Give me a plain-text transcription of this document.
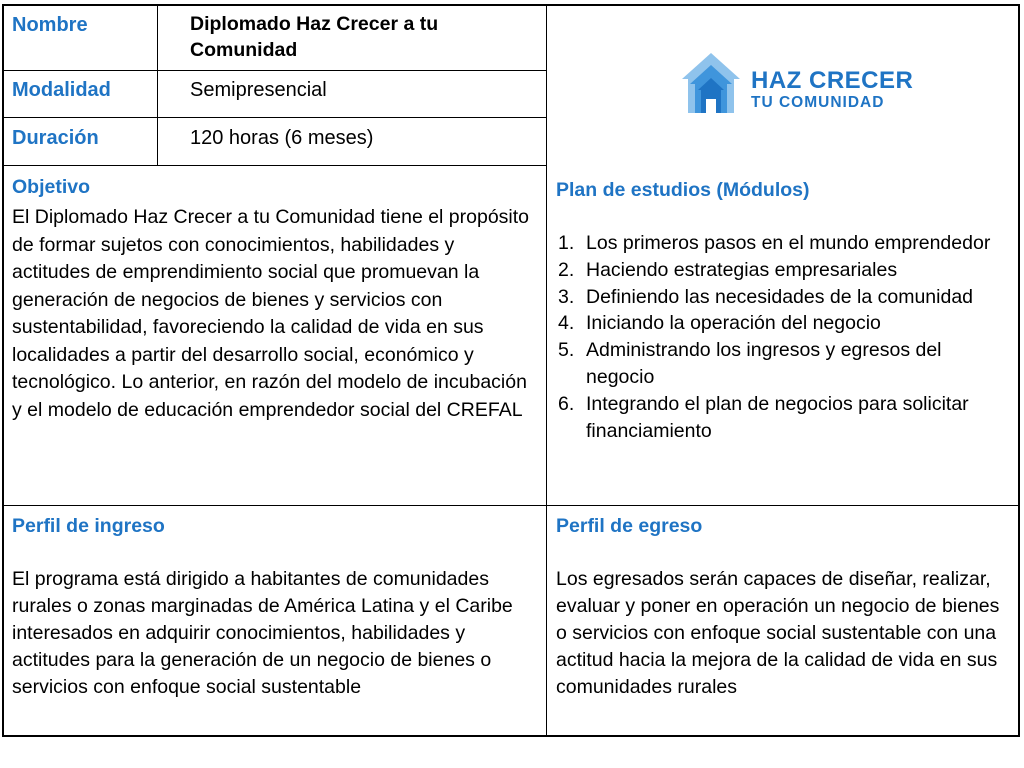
Nombre	Diplomado Haz Crecer a tu Comunidad
Modalidad	Semipresencial
Duración	120 horas (6 meses)
HAZ CRECER
TU COMUNIDAD
Objetivo
El Diplomado Haz Crecer a tu Comunidad tiene el propósito de formar sujetos con conocimientos, habilidades y actitudes de emprendimiento social que promuevan la generación de negocios de bienes y servicios con sustentabilidad, favoreciendo la calidad de vida en sus localidades a partir del desarrollo social, económico y tecnológico. Lo anterior, en razón del modelo de incubación y el modelo de educación emprendedor social del CREFAL
Plan de estudios (Módulos)
1. Los primeros pasos en el mundo emprendedor
2. Haciendo estrategias empresariales
3. Definiendo las necesidades de la comunidad
4. Iniciando la operación del negocio
5. Administrando los ingresos y egresos del negocio
6. Integrando el plan de negocios para solicitar financiamiento
Perfil de ingreso
El programa está dirigido a habitantes de comunidades rurales o zonas marginadas de América Latina y el Caribe interesados en adquirir conocimientos, habilidades y actitudes para la generación de un negocio de bienes o servicios con enfoque social sustentable
Perfil de egreso
Los egresados serán capaces de diseñar, realizar, evaluar y poner en operación un negocio de bienes o servicios con enfoque social sustentable con una actitud hacia la mejora de la calidad de vida en sus comunidades rurales
